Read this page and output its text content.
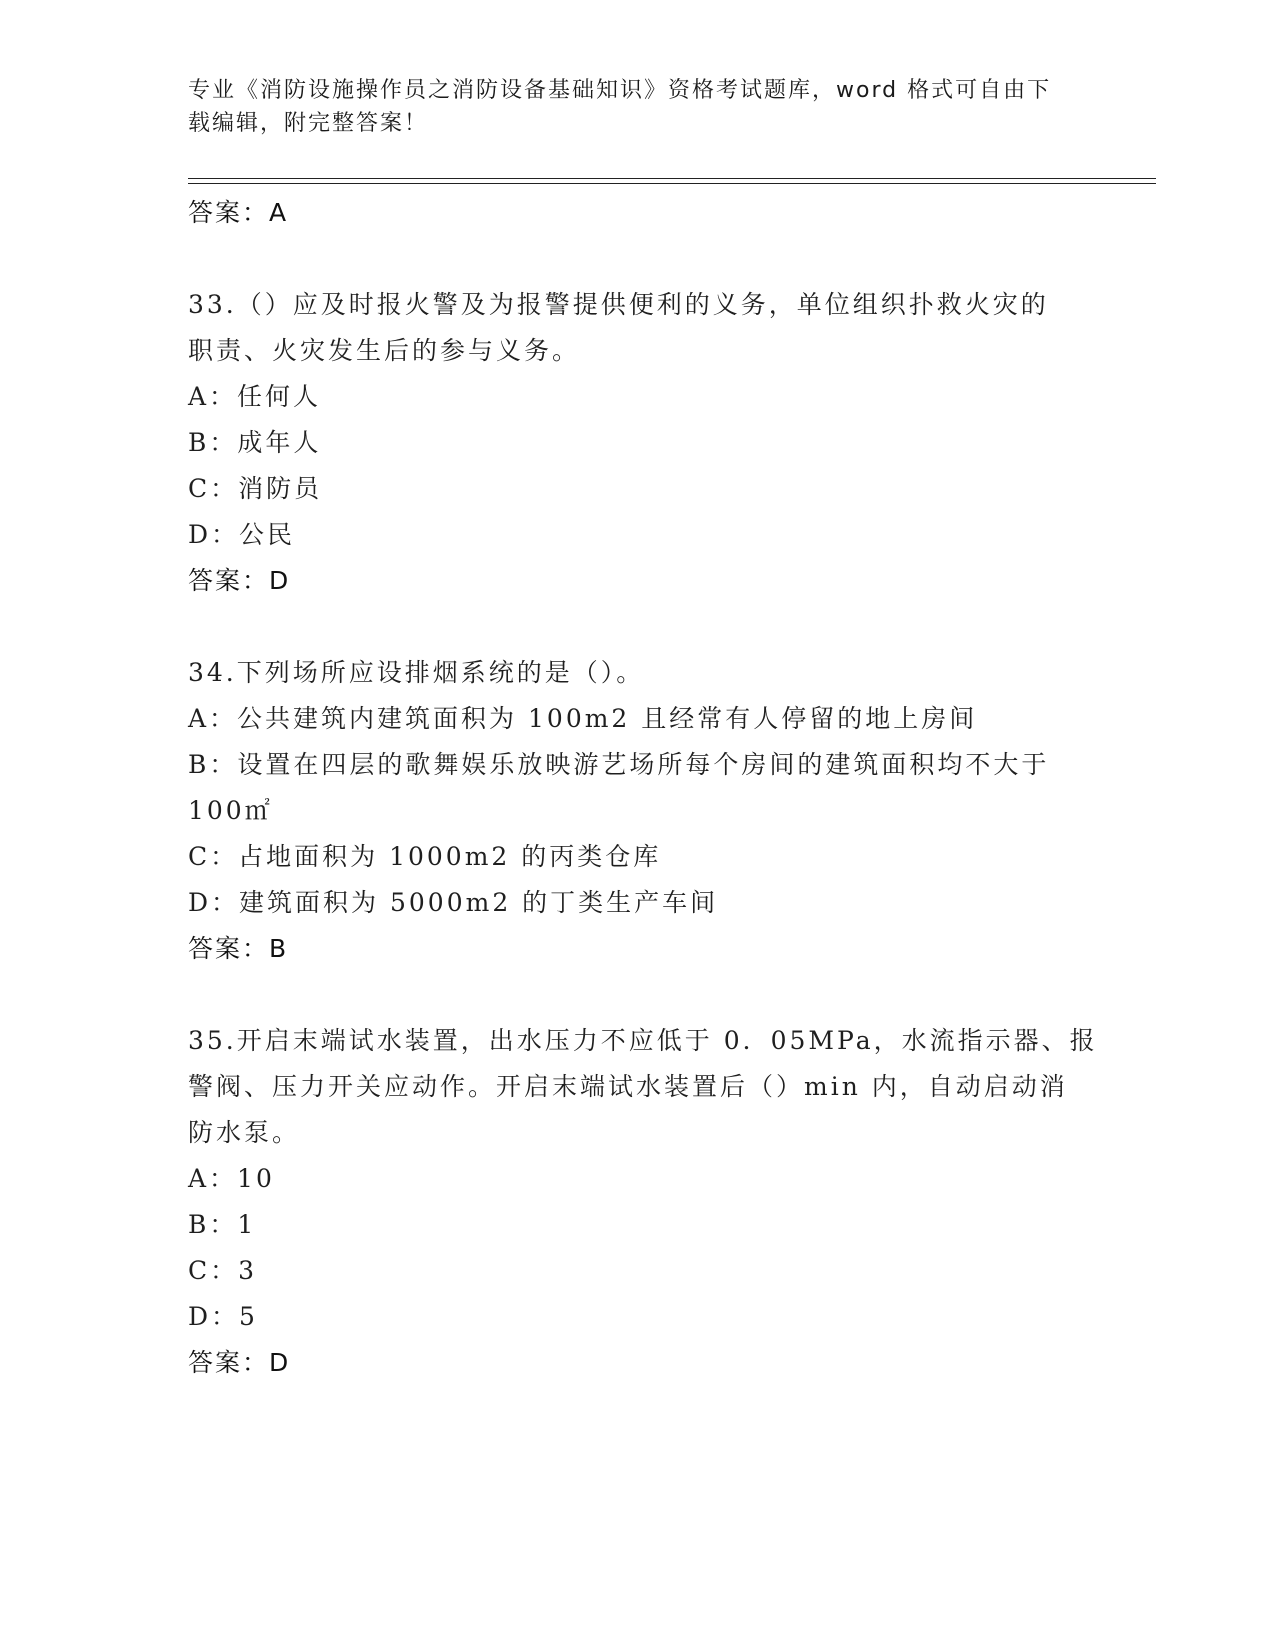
专业《消防设施操作员之消防设备基础知识》资格考试题库，word 格式可自由下
载编辑，附完整答案！
答案：A
33.（）应及时报火警及为报警提供便利的义务，单位组织扑救火灾的
职责、火灾发生后的参与义务。
A：任何人
B：成年人
C：消防员
D：公民
答案：D
34.下列场所应设排烟系统的是（）。
A：公共建筑内建筑面积为 100m2 且经常有人停留的地上房间
B：设置在四层的歌舞娱乐放映游艺场所每个房间的建筑面积均不大于
100㎡
C：占地面积为 1000m2 的丙类仓库
D：建筑面积为 5000m2 的丁类生产车间
答案：B
35.开启末端试水装置，出水压力不应低于 0．05MPa，水流指示器、报
警阀、压力开关应动作。开启末端试水装置后（）min 内，自动启动消
防水泵。
A：10
B：1
C：3
D：5
答案：D
